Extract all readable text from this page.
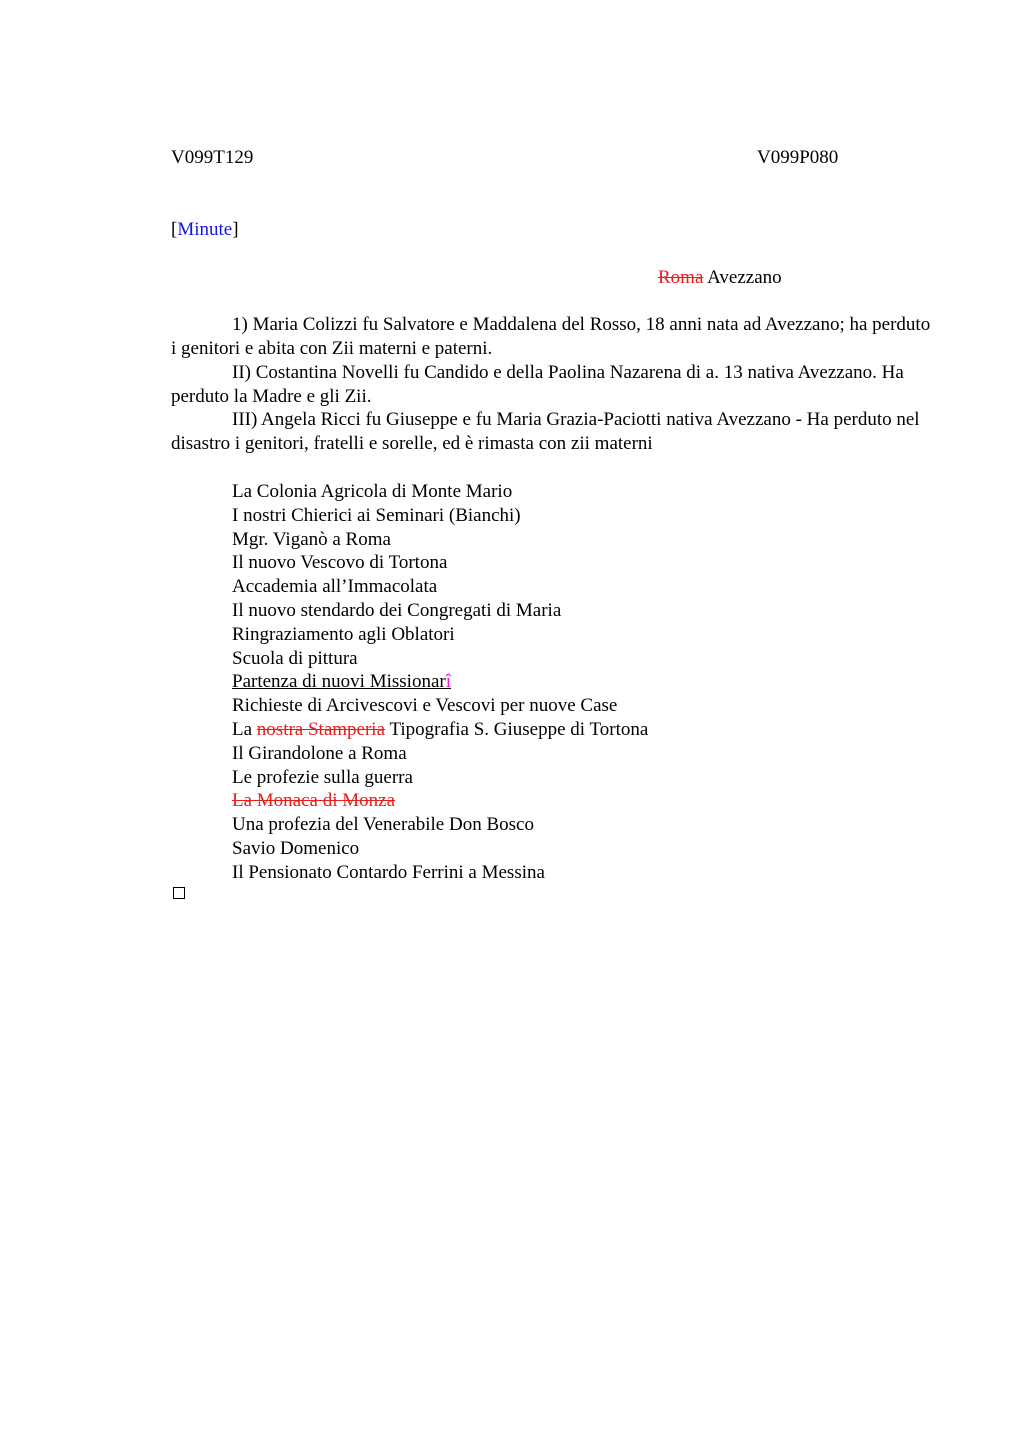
V099T129	V099P080
[Minute]
Roma Avezzano

1) Maria Colizzi fu Salvatore e Maddalena del Rosso, 18 anni nata ad Avezzano; ha perduto i genitori e abita con Zii materni e paterni.

II) Costantina Novelli fu Candido e della Paolina Nazarena di a. 13 nativa Avezzano. Ha perduto la Madre e gli Zii.

III) Angela Ricci fu Giuseppe e fu Maria Grazia-Paciotti nativa Avezzano - Ha perduto nel disastro i genitori, fratelli e sorelle, ed è rimasta con zii materni

La Colonia Agricola di Monte Mario
I nostri Chierici ai Seminari (Bianchi)
Mgr. Viganò a Roma
Il nuovo Vescovo di Tortona
Accademia all’Immacolata
Il nuovo stendardo dei Congregati di Maria
Ringraziamento agli Oblatori
Scuola di pittura
Partenza di nuovi Missionarî
Richieste di Arcivescovi e Vescovi per nuove Case
La nostra Stamperia Tipografia S. Giuseppe di Tortona
Il Girandolone a Roma
Le profezie sulla guerra
La Monaca di Monza
Una profezia del Venerabile Don Bosco
Savio Domenico
Il Pensionato Contardo Ferrini a Messina
